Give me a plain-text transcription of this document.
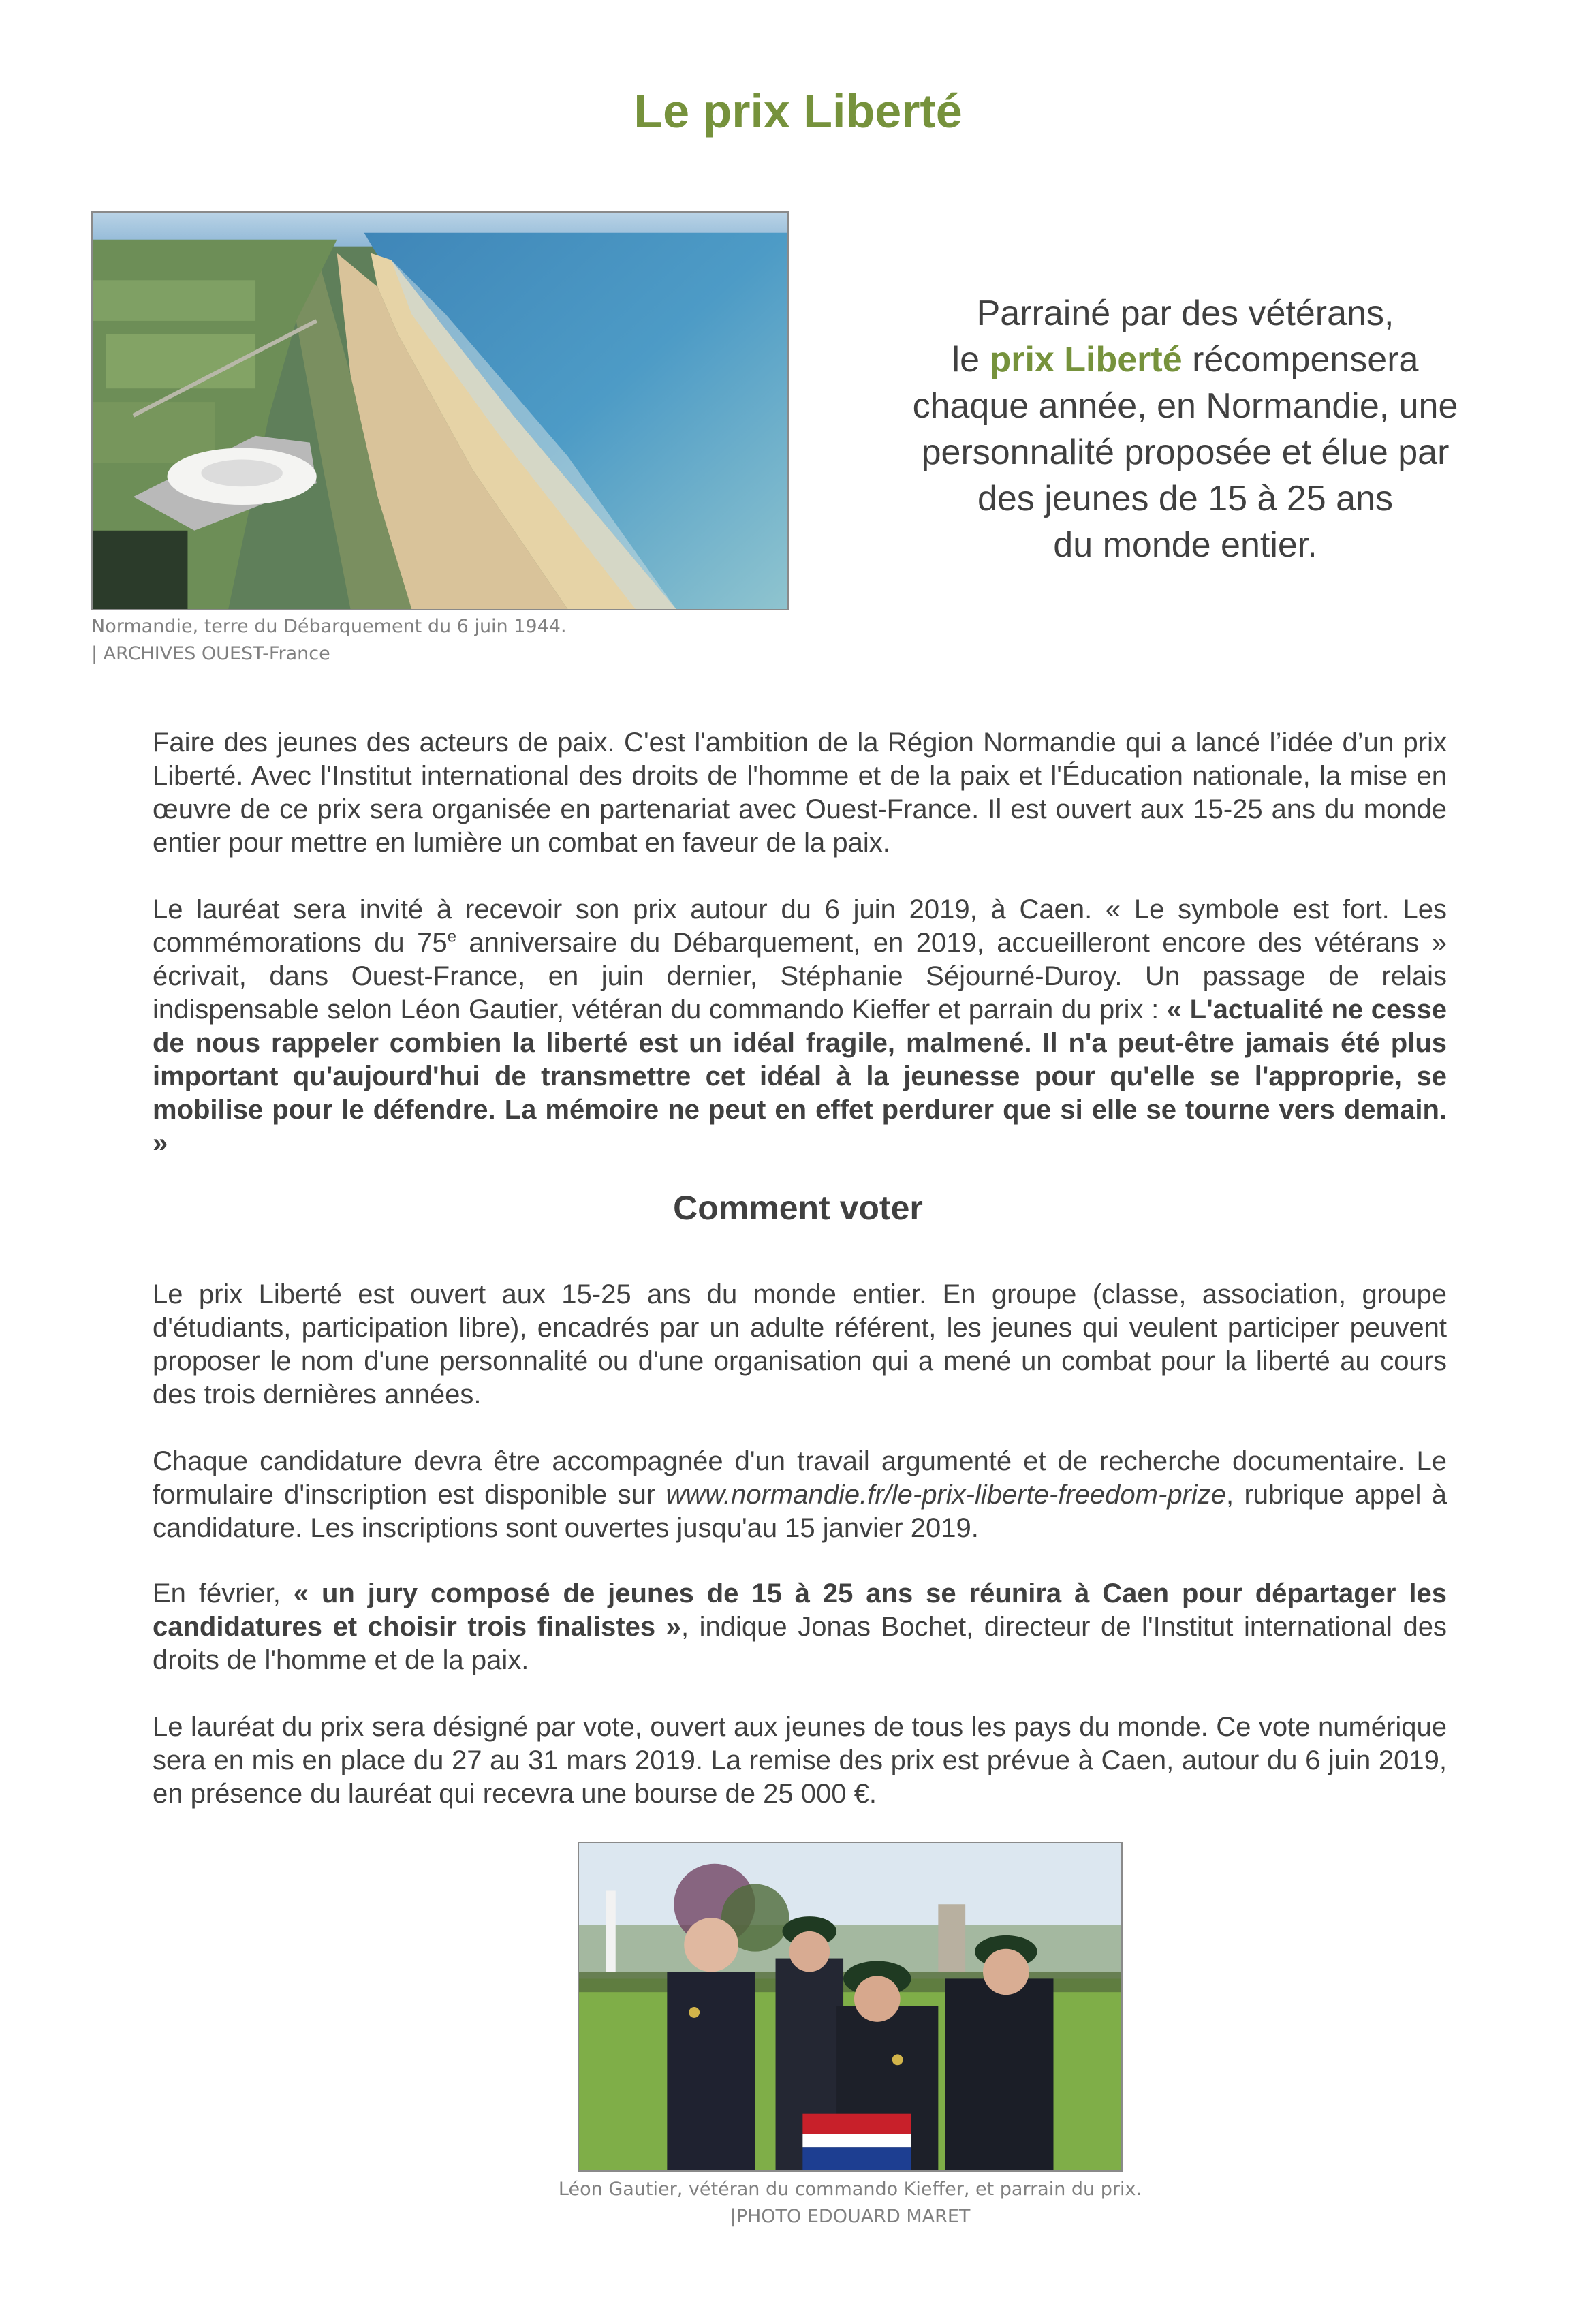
Le prix Liberté
Normandie, terre du Débarquement du 6 juin 1944.
| ARCHIVES OUEST-France
Parrainé par des vétérans,
le prix Liberté récompensera
chaque année, en Normandie, une
personnalité proposée et élue par
des jeunes de 15 à 25 ans
du monde entier.

Faire des jeunes des acteurs de paix. C'est l'ambition de la Région Normandie qui a lancé l’idée d’un prix Liberté. Avec l'Institut international des droits de l'homme et de la paix et l'Éducation nationale, la mise en œuvre de ce prix sera organisée en partenariat avec Ouest-France. Il est ouvert aux 15-25 ans du monde entier pour mettre en lumière un combat en faveur de la paix.

Le lauréat sera invité à recevoir son prix autour du 6 juin 2019, à Caen. « Le symbole est fort. Les commémorations du 75e anniversaire du Débarquement, en 2019, accueilleront encore des vétérans » écrivait, dans Ouest-France, en juin dernier, Stéphanie Séjourné-Duroy. Un passage de relais indispensable selon Léon Gautier, vétéran du commando Kieffer et parrain du prix : « L'actualité ne cesse de nous rappeler combien la liberté est un idéal fragile, malmené. Il n'a peut-être jamais été plus important qu'aujourd'hui de transmettre cet idéal à la jeunesse pour qu'elle se l'approprie, se mobilise pour le défendre. La mémoire ne peut en effet perdurer que si elle se tourne vers demain. »

Comment voter

Le prix Liberté est ouvert aux 15-25 ans du monde entier. En groupe (classe, association, groupe d'étudiants, participation libre), encadrés par un adulte référent, les jeunes qui veulent participer peuvent proposer le nom d'une personnalité ou d'une organisation qui a mené un combat pour la liberté au cours des trois dernières années.

Chaque candidature devra être accompagnée d'un travail argumenté et de recherche documentaire. Le formulaire d'inscription est disponible sur www.normandie.fr/le-prix-liberte-freedom-prize, rubrique appel à candidature. Les inscriptions sont ouvertes jusqu'au 15 janvier 2019.

En février, « un jury composé de jeunes de 15 à 25 ans se réunira à Caen pour départager les candidatures et choisir trois finalistes », indique Jonas Bochet, directeur de l'Institut international des droits de l'homme et de la paix.

Le lauréat du prix sera désigné par vote, ouvert aux jeunes de tous les pays du monde. Ce vote numérique sera en mis en place du 27 au 31 mars 2019. La remise des prix est prévue à Caen, autour du 6 juin 2019, en présence du lauréat qui recevra une bourse de 25 000 €.

Léon Gautier, vétéran du commando Kieffer, et parrain du prix.
|PHOTO EDOUARD MARET
